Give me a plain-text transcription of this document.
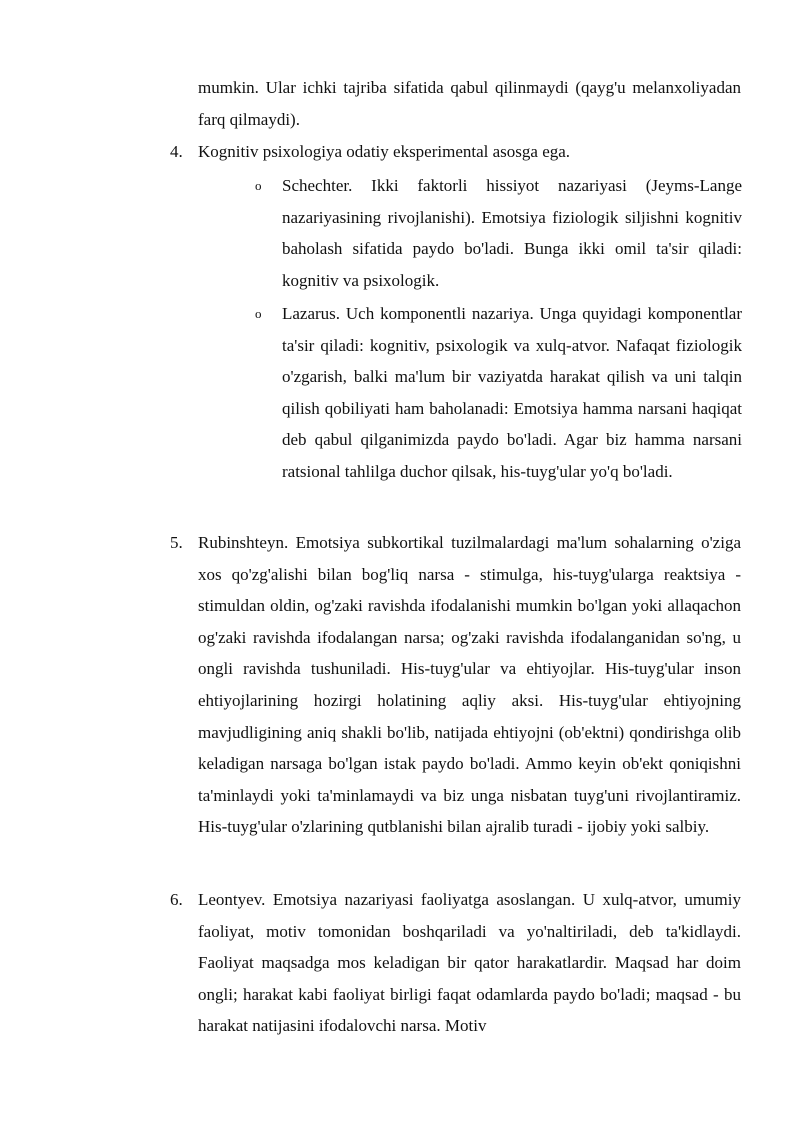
mumkin. Ular ichki tajriba sifatida qabul qilinmaydi (qayg'u melanxoliyadan farq qilmaydi).

4. Kognitiv psixologiya odatiy eksperimental asosga ega.

o Schechter. Ikki faktorli hissiyot nazariyasi (Jeyms-Lange nazariyasining rivojlanishi). Emotsiya fiziologik siljishni kognitiv baholash sifatida paydo bo'ladi. Bunga ikki omil ta'sir qiladi: kognitiv va psixologik.

o Lazarus. Uch komponentli nazariya. Unga quyidagi komponentlar ta'sir qiladi: kognitiv, psixologik va xulq-atvor. Nafaqat fiziologik o'zgarish, balki ma'lum bir vaziyatda harakat qilish va uni talqin qilish qobiliyati ham baholanadi: Emotsiya hamma narsani haqiqat deb qabul qilganimizda paydo bo'ladi. Agar biz hamma narsani ratsional tahlilga duchor qilsak, his-tuyg'ular yo'q bo'ladi.

5. Rubinshteyn. Emotsiya subkortikal tuzilmalardagi ma'lum sohalarning o'ziga xos qo'zg'alishi bilan bog'liq narsa - stimulga, his-tuyg'ularga reaktsiya - stimuldan oldin, og'zaki ravishda ifodalanishi mumkin bo'lgan yoki allaqachon og'zaki ravishda ifodalangan narsa; og'zaki ravishda ifodalanganidan so'ng, u ongli ravishda tushuniladi. His-tuyg'ular va ehtiyojlar. His-tuyg'ular inson ehtiyojlarining hozirgi holatining aqliy aksi. His-tuyg'ular ehtiyojning mavjudligining aniq shakli bo'lib, natijada ehtiyojni (ob'ektni) qondirishga olib keladigan narsaga bo'lgan istak paydo bo'ladi. Ammo keyin ob'ekt qoniqishni ta'minlaydi yoki ta'minlamaydi va biz unga nisbatan tuyg'uni rivojlantiramiz. His-tuyg'ular o'zlarining qutblanishi bilan ajralib turadi - ijobiy yoki salbiy.

6. Leontyev. Emotsiya nazariyasi faoliyatga asoslangan. U xulq-atvor, umumiy faoliyat, motiv tomonidan boshqariladi va yo'naltiriladi, deb ta'kidlaydi. Faoliyat maqsadga mos keladigan bir qator harakatlardir. Maqsad har doim ongli; harakat kabi faoliyat birligi faqat odamlarda paydo bo'ladi; maqsad - bu harakat natijasini ifodalovchi narsa. Motiv
